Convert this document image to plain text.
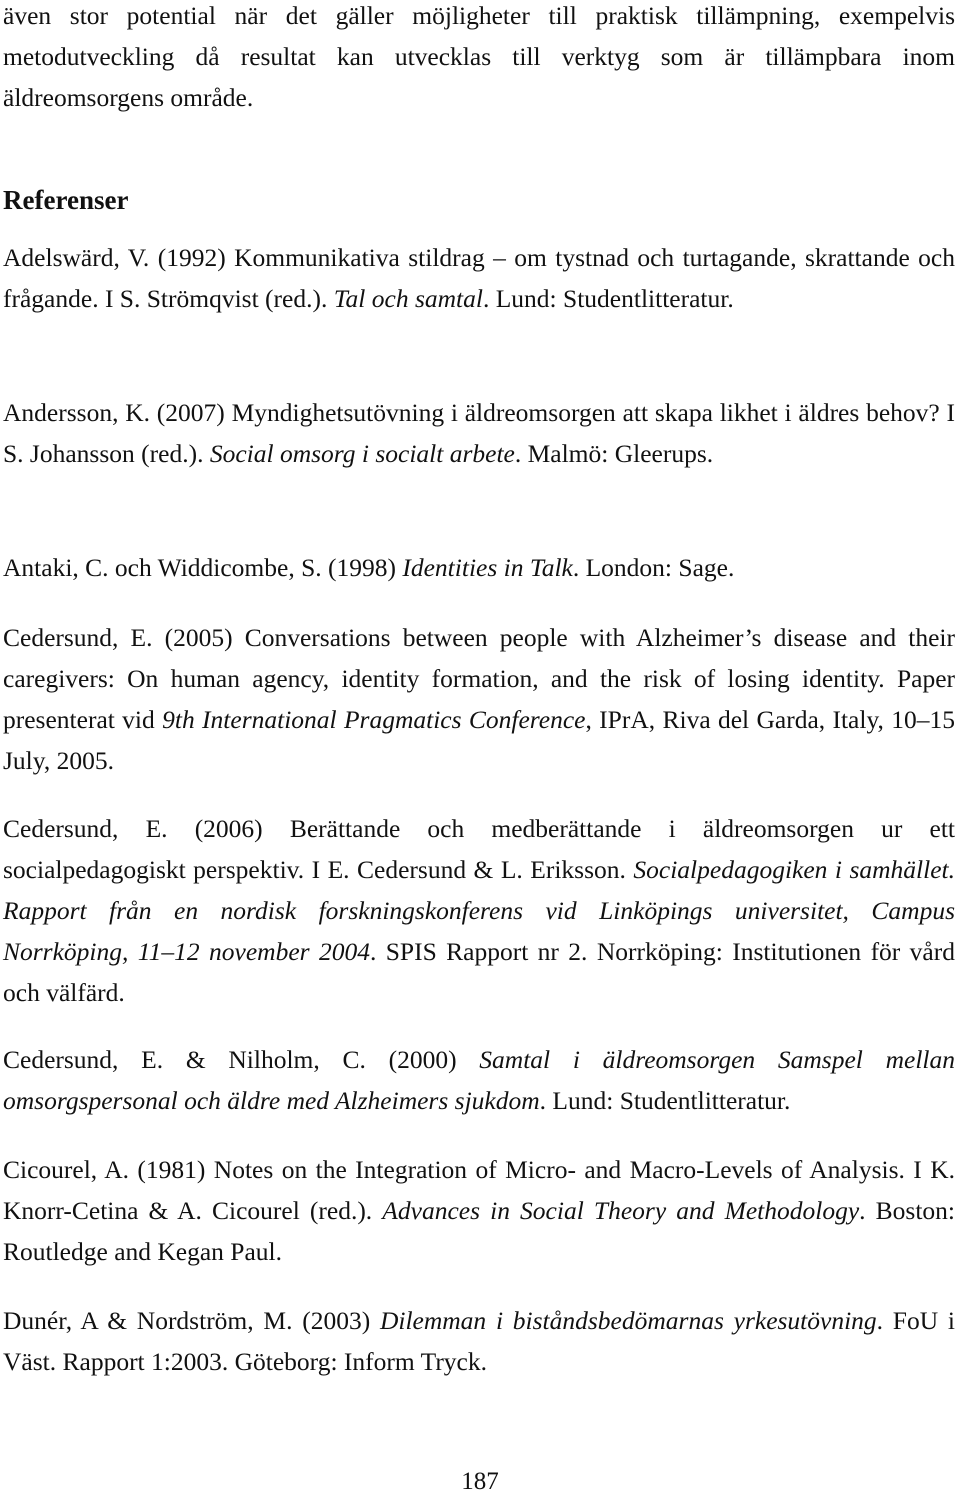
även stor potential när det gäller möjligheter till praktisk tillämpning, exempelvis metodutveckling då resultat kan utvecklas till verktyg som är tillämpbara inom äldreomsorgens område.

Referenser

Adelswärd, V. (1992) Kommunikativa stildrag – om tystnad och turtagande, skrattande och frågande. I S. Strömqvist (red.). Tal och samtal. Lund: Studentlitteratur.

Andersson, K. (2007) Myndighetsutövning i äldreomsorgen att skapa likhet i äldres behov? I S. Johansson (red.). Social omsorg i socialt arbete. Malmö: Gleerups.

Antaki, C. och Widdicombe, S. (1998) Identities in Talk. London: Sage.

Cedersund, E. (2005) Conversations between people with Alzheimer’s disease and their caregivers: On human agency, identity formation, and the risk of losing identity. Paper presenterat vid 9th International Pragmatics Conference, IPrA, Riva del Garda, Italy, 10–15 July, 2005.

Cedersund, E. (2006) Berättande och medberättande i äldreomsorgen ur ett socialpedagogiskt perspektiv. I E. Cedersund & L. Eriksson. Socialpedagogiken i samhället. Rapport från en nordisk forskningskonferens vid Linköpings universitet, Campus Norrköping, 11–12 november 2004. SPIS Rapport nr 2. Norrköping: Institutionen för vård och välfärd.

Cedersund, E. & Nilholm, C. (2000) Samtal i äldreomsorgen Samspel mellan omsorgspersonal och äldre med Alzheimers sjukdom. Lund: Studentlitteratur.

Cicourel, A. (1981) Notes on the Integration of Micro- and Macro-Levels of Analysis. I K. Knorr-Cetina & A. Cicourel (red.). Advances in Social Theory and Methodology. Boston: Routledge and Kegan Paul.

Dunér, A & Nordström, M. (2003) Dilemman i biståndsbedömarnas yrkesutövning. FoU i Väst. Rapport 1:2003. Göteborg: Inform Tryck.

187
